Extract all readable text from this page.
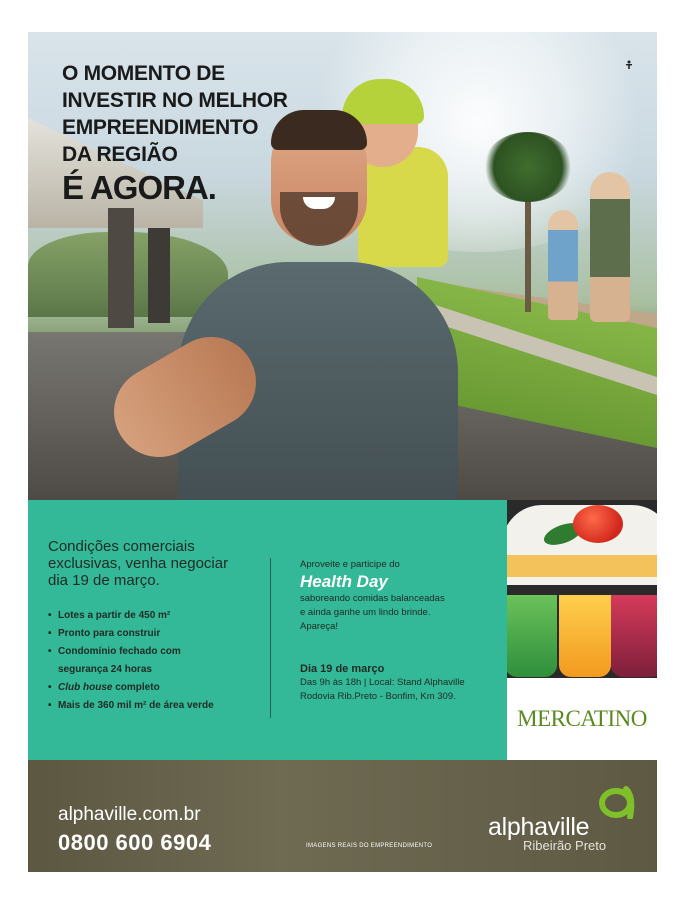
O MOMENTO DE
INVESTIR NO MELHOR
EMPREENDIMENTO
DA REGIÃO
É AGORA.

Condições comerciais
exclusivas, venha negociar
dia 19 de março.

• Lotes a partir de 450 m²
• Pronto para construir
• Condomínio fechado com
segurança 24 horas
• Club house completo
• Mais de 360 mil m² de área verde
Aproveite e participe do

Health Day

saboreando comidas balanceadas
e ainda ganhe um lindo brinde.
Apareça!
Dia 19 de março
Das 9h às 18h | Local: Stand Alphaville
Rodovia Rib.Preto - Bonfim, Km 309.
MERCATINO
alphaville.com.br
0800 600 6904	IMAGENS REAIS DO EMPREENDIMENTO
alphaville
Ribeirão Preto
